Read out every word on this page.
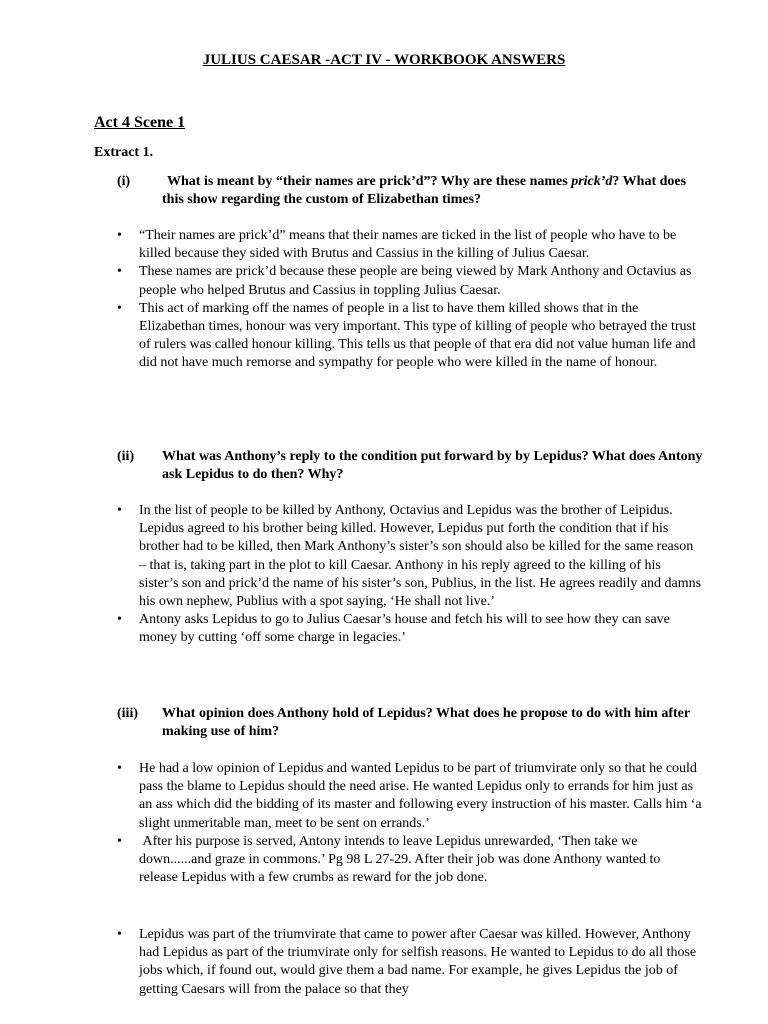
JULIUS CAESAR -ACT IV - WORKBOOK ANSWERS
Act 4 Scene 1
Extract 1.
(i)	What is meant by “their names are prick’d”? Why are these names prick’d? What does this show regarding the custom of Elizabethan times?
• “Their names are prick’d” means that their names are ticked in the list of people who have to be killed because they sided with Brutus and Cassius in the killing of Julius Caesar.
• These names are prick’d because these people are being viewed by Mark Anthony and Octavius as people who helped Brutus and Cassius in toppling Julius Caesar.
• This act of marking off the names of people in a list to have them killed shows that in the Elizabethan times, honour was very important. This type of killing of people who betrayed the trust of rulers was called honour killing. This tells us that people of that era did not value human life and did not have much remorse and sympathy for people who were killed in the name of honour.
(ii) What was Anthony’s reply to the condition put forward by by Lepidus? What does Antony ask Lepidus to do then? Why?
• In the list of people to be killed by Anthony, Octavius and Lepidus was the brother of Leipidus. Lepidus agreed to his brother being killed. However, Lepidus put forth the condition that if his brother had to be killed, then Mark Anthony’s sister’s son should also be killed for the same reason – that is, taking part in the plot to kill Caesar. Anthony in his reply agreed to the killing of his sister’s son and prick’d the name of his sister’s son, Publius, in the list. He agrees readily and damns his own nephew, Publius with a spot saying, ‘He shall not live.’
• Antony asks Lepidus to go to Julius Caesar’s house and fetch his will to see how they can save money by cutting ‘off some charge in legacies.’
(iii) What opinion does Anthony hold of Lepidus? What does he propose to do with him after making use of him?
• He had a low opinion of Lepidus and wanted Lepidus to be part of triumvirate only so that he could pass the blame to Lepidus should the need arise. He wanted Lepidus only to errands for him just as an ass which did the bidding of its master and following every instruction of his master. Calls him ‘a slight unmeritable man, meet to be sent on errands.’
•  After his purpose is served, Antony intends to leave Lepidus unrewarded, ‘Then take we down......and graze in commons.’ Pg 98 L 27-29. After their job was done Anthony wanted to release Lepidus with a few crumbs as reward for the job done.
• Lepidus was part of the triumvirate that came to power after Caesar was killed. However, Anthony had Lepidus as part of the triumvirate only for selfish reasons. He wanted to Lepidus to do all those jobs which, if found out, would give them a bad name. For example, he gives Lepidus the job of getting Caesars will from the palace so that they
